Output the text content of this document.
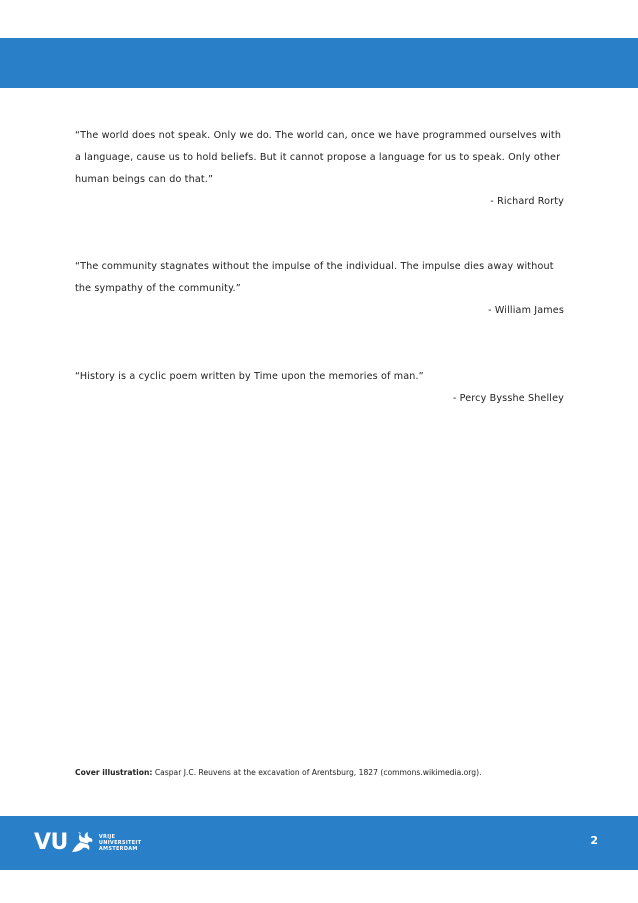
“The world does not speak. Only we do. The world can, once we have programmed ourselves with a language, cause us to hold beliefs. But it cannot propose a language for us to speak. Only other human beings can do that.”

- Richard Rorty

“The community stagnates without the impulse of the individual. The impulse dies away without the sympathy of the community.”

- William James

“History is a cyclic poem written by Time upon the memories of man.”

- Percy Bysshe Shelley

Cover illustration: Caspar J.C. Reuvens at the excavation of Arentsburg, 1827 (commons.wikimedia.org).
VU	VRIJE
UNIVERSITEIT
AMSTERDAM
2
